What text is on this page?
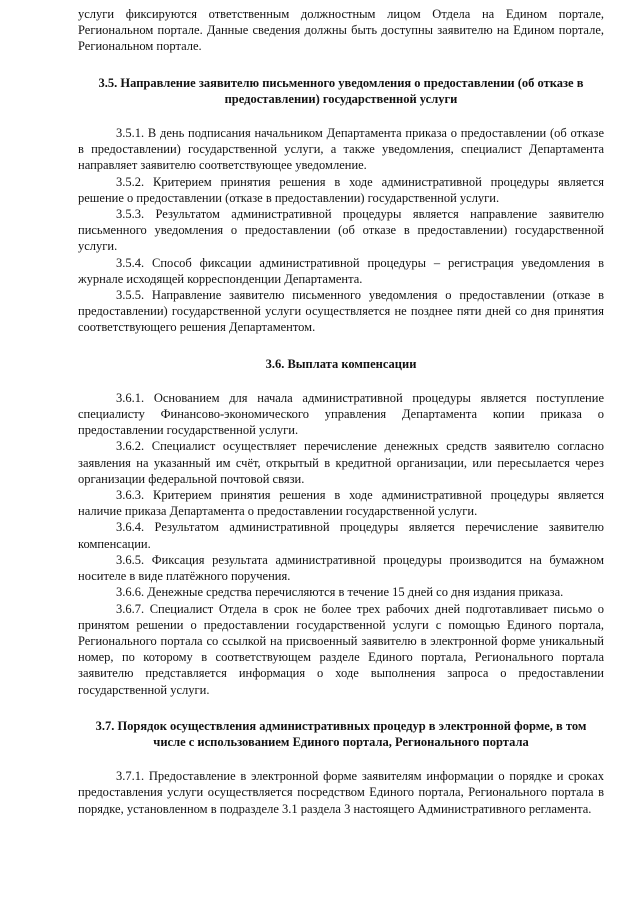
услуги фиксируются ответственным должностным лицом Отдела на Едином портале, Региональном портале. Данные сведения должны быть доступны заявителю на Едином портале, Региональном портале.

3.5. Направление заявителю письменного уведомления о предоставлении (об отказе в предоставлении) государственной услуги

3.5.1. В день подписания начальником Департамента приказа о предоставлении (об отказе в предоставлении) государственной услуги, а также уведомления, специалист Департамента направляет заявителю соответствующее уведомление.

3.5.2. Критерием принятия решения в ходе административной процедуры является решение о предоставлении (отказе в предоставлении) государственной услуги.

3.5.3. Результатом административной процедуры является направление заявителю письменного уведомления о предоставлении (об отказе в предоставлении) государственной услуги.

3.5.4. Способ фиксации административной процедуры – регистрация уведомления в журнале исходящей корреспонденции Департамента.

3.5.5. Направление заявителю письменного уведомления о предоставлении (отказе в предоставлении) государственной услуги осуществляется не позднее пяти дней со дня принятия соответствующего решения Департаментом.

3.6. Выплата компенсации

3.6.1. Основанием для начала административной процедуры является поступление специалисту Финансово-экономического управления Департамента копии приказа о предоставлении государственной услуги.

3.6.2. Специалист осуществляет перечисление денежных средств заявителю согласно заявления на указанный им счёт, открытый в кредитной организации, или пересылается через организации федеральной почтовой связи.

3.6.3. Критерием принятия решения в ходе административной процедуры является наличие приказа Департамента о предоставлении государственной услуги.

3.6.4. Результатом административной процедуры является перечисление заявителю компенсации.

3.6.5. Фиксация результата административной процедуры производится на бумажном носителе в виде платёжного поручения.

3.6.6. Денежные средства перечисляются в течение 15 дней со дня издания приказа.

3.6.7. Специалист Отдела в срок не более трех рабочих дней подготавливает письмо о принятом решении о предоставлении государственной услуги с помощью Единого портала, Регионального портала со ссылкой на присвоенный заявителю в электронной форме уникальный номер, по которому в соответствующем разделе Единого портала, Регионального портала заявителю представляется информация о ходе выполнения запроса о предоставлении государственной услуги.

3.7. Порядок осуществления административных процедур в электронной форме, в том числе с использованием Единого портала, Регионального портала

3.7.1. Предоставление в электронной форме заявителям информации о порядке и сроках предоставления услуги осуществляется посредством Единого портала, Регионального портала в порядке, установленном в подразделе 3.1 раздела 3 настоящего Административного регламента.
